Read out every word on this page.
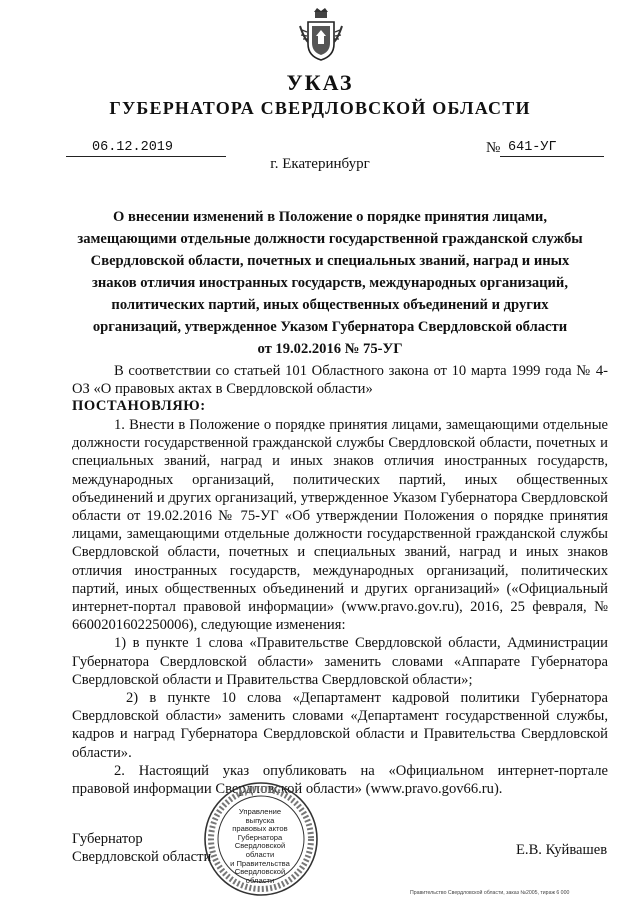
УКАЗ
ГУБЕРНАТОРА СВЕРДЛОВСКОЙ ОБЛАСТИ
06.12.2019	№ 641-УГ
г. Екатеринбург
О внесении изменений в Положение о порядке принятия лицами,
замещающими отдельные должности государственной гражданской службы
Свердловской области, почетных и специальных званий, наград и иных
знаков отличия иностранных государств, международных организаций,
политических партий, иных общественных объединений и других
организаций, утвержденное Указом Губернатора Свердловской области
от 19.02.2016 № 75-УГ

В соответствии со статьей 101 Областного закона от 10 марта 1999 года № 4-ОЗ «О правовых актах в Свердловской области»

ПОСТАНОВЛЯЮ:

1. Внести в Положение о порядке принятия лицами, замещающими отдельные должности государственной гражданской службы Свердловской области, почетных и специальных званий, наград и иных знаков отличия иностранных государств, международных организаций, политических партий, иных общественных объединений и других организаций, утвержденное Указом Губернатора Свердловской области от 19.02.2016 № 75-УГ «Об утверждении Положения о порядке принятия лицами, замещающими отдельные должности государственной гражданской службы Свердловской области, почетных и специальных званий, наград и иных знаков отличия иностранных государств, международных организаций, политических партий, иных общественных объединений и других организаций» («Официальный интернет-портал правовой информации» (www.pravo.gov.ru), 2016, 25 февраля, № 6600201602250006), следующие изменения:

1) в пункте 1 слова «Правительстве Свердловской области, Администрации Губернатора Свердловской области» заменить словами «Аппарате Губернатора Свердловской области и Правительства Свердловской области»;

2) в пункте 10 слова «Департамент кадровой политики Губернатора Свердловской области» заменить словами «Департамент государственной службы, кадров и наград Губернатора Свердловской области и Правительства Свердловской области».

2. Настоящий указ опубликовать на «Официальном интернет-портале правовой информации Свердловской области» (www.pravo.gov66.ru).

Управление
выпуска
правовых актов
Губернатора
Свердловской области
и Правительства
Свердловской
области
Губернатор
Свердловской области	Е.В. Куйвашев
Правительство Свердловской области, заказ №2005, тираж 6 000
